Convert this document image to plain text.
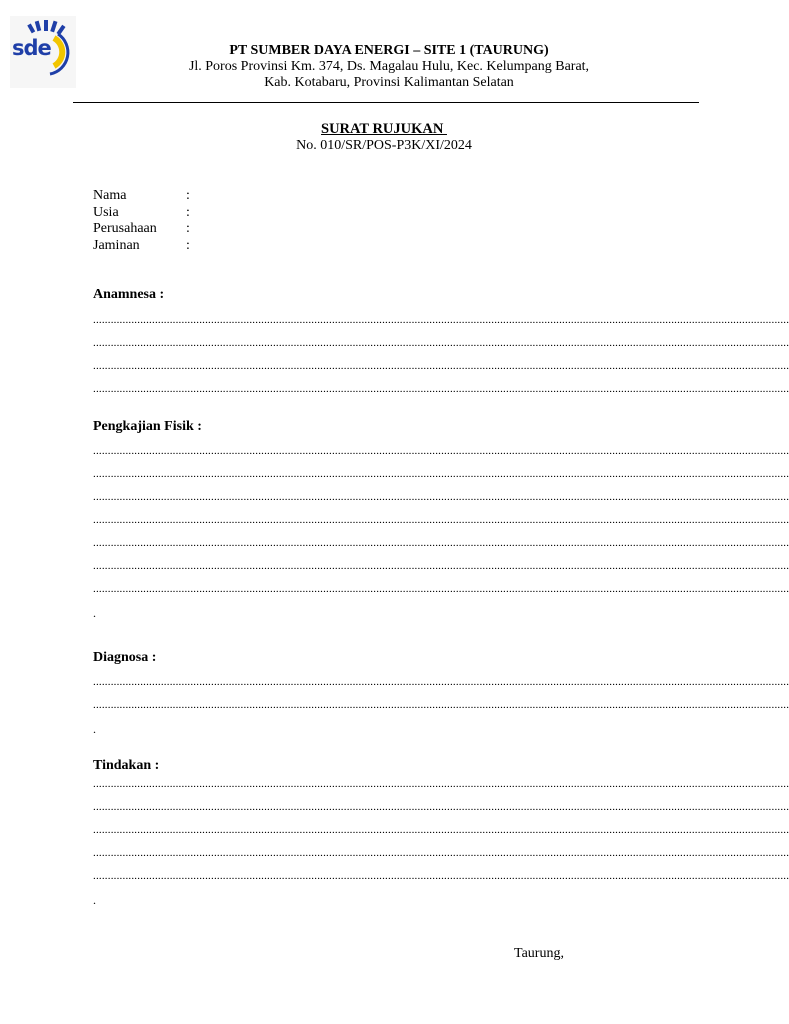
sde	PT SUMBER DAYA ENERGI – SITE 1 (TAURUNG)
Jl. Poros Provinsi Km. 374, Ds. Magalau Hulu, Kec. Kelumpang Barat,
Kab. Kotabaru, Provinsi Kalimantan Selatan
SURAT RUJUKAN
No. 010/SR/POS-P3K/XI/2024
Nama	:
Usia	:
Perusahaan	:
Jaminan	:
Anamnesa :
............................................................................................................................................................................................................................................
............................................................................................................................................................................................................................................
............................................................................................................................................................................................................................................
............................................................................................................................................................................................................................................
Pengkajian Fisik :
............................................................................................................................................................................................................................................
............................................................................................................................................................................................................................................
............................................................................................................................................................................................................................................
............................................................................................................................................................................................................................................
............................................................................................................................................................................................................................................
............................................................................................................................................................................................................................................
............................................................................................................................................................................................................................................
.
Diagnosa :
............................................................................................................................................................................................................................................
............................................................................................................................................................................................................................................
.
Tindakan :
............................................................................................................................................................................................................................................
............................................................................................................................................................................................................................................
............................................................................................................................................................................................................................................
............................................................................................................................................................................................................................................
............................................................................................................................................................................................................................................
.
Taurung,
